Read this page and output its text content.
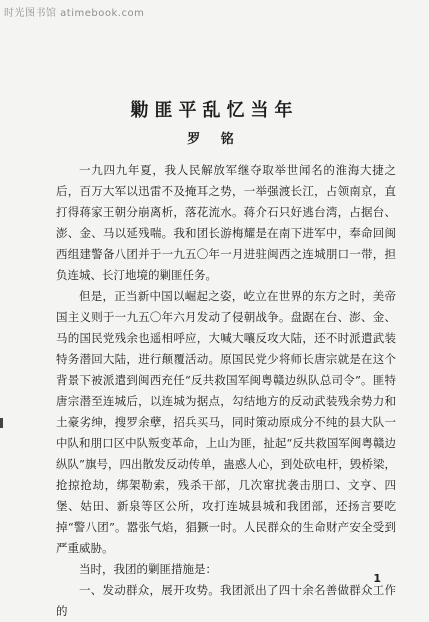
时光图书馆 atimebook.com
勦匪平乱忆当年
罗 铭

一九四九年夏，我人民解放军继夺取举世闻名的淮海大捷之后，百万大军以迅雷不及掩耳之势，一举强渡长江，占领南京，直打得蒋家王朝分崩离析，落花流水。蒋介石只好逃台湾，占据台、澎、金、马以延残喘。我和团长游梅耀是在南下进军中，奉命回闽西组建警备八团并于一九五〇年一月进驻闽西之连城朋口一带，担负连城、长汀地境的剿匪任务。

但是，正当新中国以崛起之姿，屹立在世界的东方之时，美帝国主义则于一九五〇年六月发动了侵朝战争。盘踞在台、澎、金、马的国民党残余也遥相呼应，大喊大嚷反攻大陆，还不时派遣武装特务潜回大陆，进行颠覆活动。原国民党少将师长唐宗就是在这个背景下被派遣到闽西充任“反共救国军闽粤赣边纵队总司令”。匪特唐宗潜至连城后，以连城为据点，勾结地方的反动武装残余势力和土豪劣绅，搜罗余孽，招兵买马，同时策动原成分不纯的县大队一中队和朋口区中队叛变革命，上山为匪，扯起“反共救国军闽粤赣边纵队”旗号，四出散发反动传单，蛊惑人心，到处砍电杆，毁桥梁，抢掠抢劫，绑架勒索，残杀干部，几次窜扰袭击朋口、文亨、四堡、姑田、新泉等区公所，攻打连城县城和我团部，还扬言要吃掉“警八团”。嚣张气焰，猖獗一时。人民群众的生命财产安全受到严重威胁。

当时，我团的剿匪措施是：

一、发动群众，展开攻势。我团派出了四十余名善做群众工作的

1
